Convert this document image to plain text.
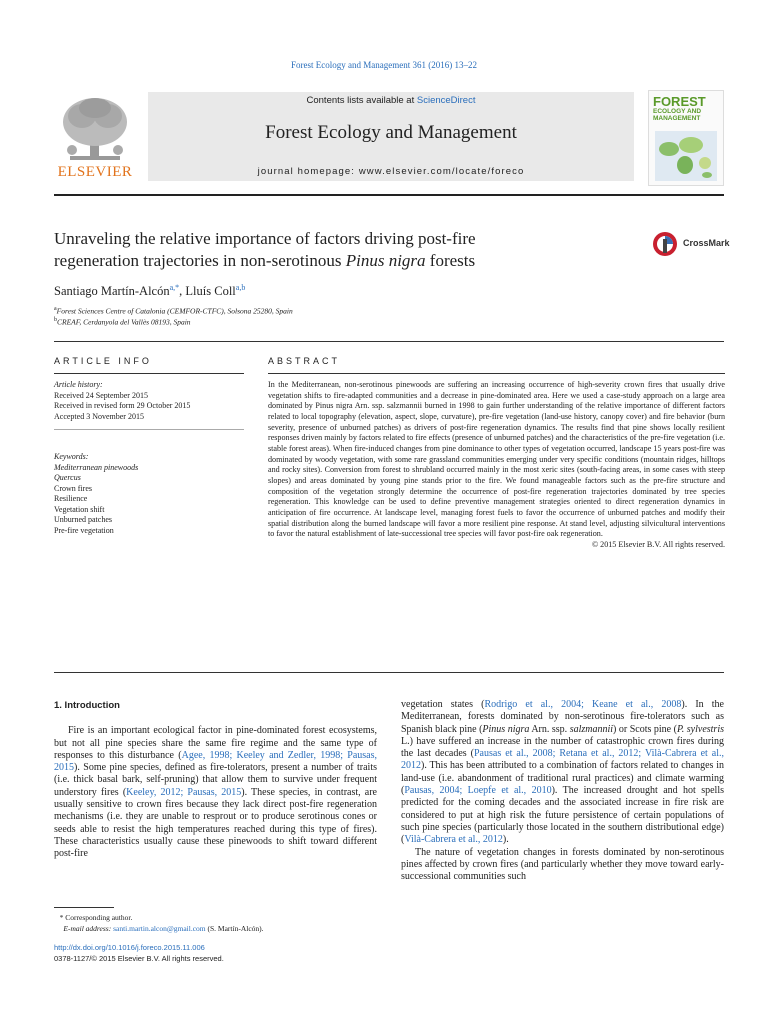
Forest Ecology and Management 361 (2016) 13–22
ELSEVIER
Contents lists available at ScienceDirect
Forest Ecology and Management
journal homepage: www.elsevier.com/locate/foreco
FOREST
ECOLOGY AND
MANAGEMENT
Unraveling the relative importance of factors driving post-fire
regeneration trajectories in non-serotinous Pinus nigra forests
CrossMark
Santiago Martín-Alcón$^{a,*}$, Lluís Coll$^{a,b}$
$^a$Forest Sciences Centre of Catalonia (CEMFOR-CTFC), Solsona 25280, Spain
$^b$CREAF, Cerdanyola del Vallès 08193, Spain
ARTICLE INFO
Article history:
Received 24 September 2015
Received in revised form 29 October 2015
Accepted 3 November 2015
Keywords:
Mediterranean pinewoods
Quercus
Crown fires
Resilience
Vegetation shift
Unburned patches
Pre-fire vegetation
ABSTRACT
In the Mediterranean, non-serotinous pinewoods are suffering an increasing occurrence of high-severity crown fires that usually drive vegetation shifts to fire-adapted communities and a decrease in pine-dominated area. Here we used a case-study approach on a large area dominated by Pinus nigra Arn. ssp. salzmannii burned in 1998 to gain further understanding of the relative importance of different factors related to local topography (elevation, aspect, slope, curvature), pre-fire vegetation (land-use history, canopy cover) and fire behavior (burn severity, presence of unburned patches) as drivers of post-fire regeneration dynamics. The results find that pine shows locally resilient responses driven mainly by factors related to fire effects (presence of unburned patches) and the characteristics of the pre-fire vegetation (i.e. stable forest areas). When fire-induced changes from pine dominance to other types of vegetation occurred, landscape 15 years post-fire was dominated by woody vegetation, with some rare grassland communities emerging under very specific conditions (mountain ridges, hilltops and rocky sites). Conversion from forest to shrubland occurred mainly in the most xeric sites (south-facing areas, in some cases with steep slopes) and areas dominated by young pine stands prior to the fire. We found manageable factors such as the pre-fire structure and composition of the vegetation strongly determine the occurrence of post-fire regeneration trajectories dominated by tree species regeneration. This knowledge can be used to define preventive management strategies oriented to direct regeneration dynamics in anticipation of fire occurrence. At landscape level, managing forest fuels to favor the occurrence of unburned patches and modify their spatial distribution along the burned landscape will favor a more resilient pine response. At stand level, adjusting silvicultural interventions to favor the natural establishment of late-successional tree species will favor post-fire oak regeneration.
© 2015 Elsevier B.V. All rights reserved.
1. Introduction

Fire is an important ecological factor in pine-dominated forest ecosystems, but not all pine species share the same fire regime and the same type of responses to this disturbance (Agee, 1998; Keeley and Zedler, 1998; Pausas, 2015). Some pine species, defined as fire-tolerators, present a number of traits (i.e. thick basal bark, self-pruning) that allow them to survive under frequent understory fires (Keeley, 2012; Pausas, 2015). These species, in contrast, are usually sensitive to crown fires because they lack direct post-fire regeneration mechanisms (i.e. they are unable to resprout or to produce serotinous cones or seeds able to resist the high temperatures reached during this type of fires). These characteristics usually cause these pinewoods to shift toward different post-fire

vegetation states (Rodrigo et al., 2004; Keane et al., 2008). In the Mediterranean, forests dominated by non-serotinous fire-tolerators such as Spanish black pine (Pinus nigra Arn. ssp. salzmannii) or Scots pine (P. sylvestris L.) have suffered an increase in the number of catastrophic crown fires during the last decades (Pausas et al., 2008; Retana et al., 2012; Vilà-Cabrera et al., 2012). This has been attributed to a combination of factors related to changes in land-use (i.e. abandonment of traditional rural practices) and climate warming (Pausas, 2004; Loepfe et al., 2010). The increased drought and hot spells predicted for the coming decades and the associated increase in fire risk are considered to put at high risk the future persistence of certain populations of such pine species (particularly those located in the southern distributional edge) (Vilà-Cabrera et al., 2012).

The nature of vegetation changes in forests dominated by non-serotinous pines affected by crown fires (and particularly whether they move toward early-successional communities such

* Corresponding author.
E-mail address: santi.martin.alcon@gmail.com (S. Martín-Alcón).
http://dx.doi.org/10.1016/j.foreco.2015.11.006
0378-1127/© 2015 Elsevier B.V. All rights reserved.
